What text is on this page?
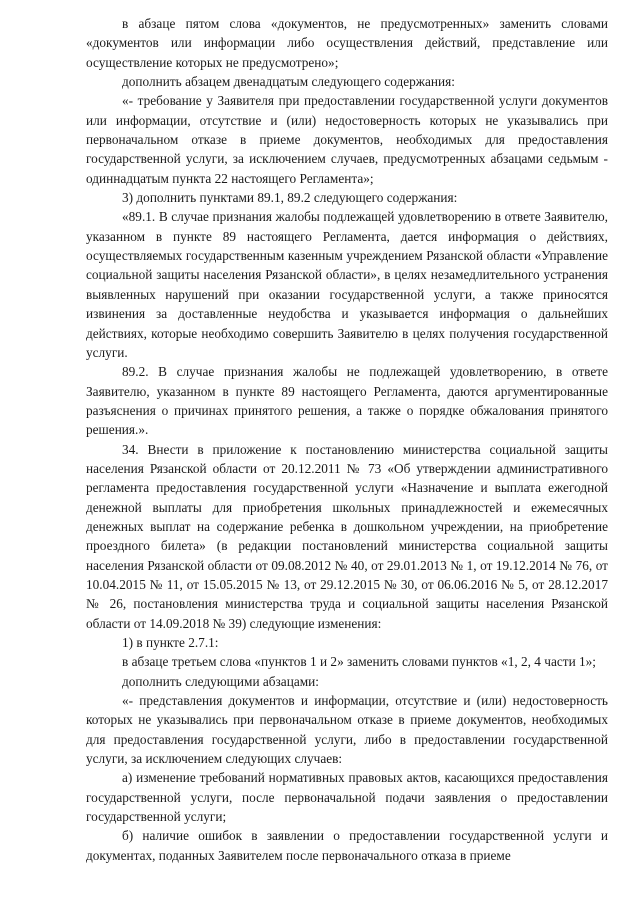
в абзаце пятом слова «документов, не предусмотренных» заменить словами «документов или информации либо осуществления действий, представление или осуществление которых не предусмотрено»;

дополнить абзацем двенадцатым следующего содержания:

«- требование у Заявителя при предоставлении государственной услуги документов или информации, отсутствие и (или) недостоверность которых не указывались при первоначальном отказе в приеме документов, необходимых для предоставления государственной услуги, за исключением случаев, предусмотренных абзацами седьмым - одиннадцатым пункта 22 настоящего Регламента»;

3) дополнить пунктами 89.1, 89.2 следующего содержания:

«89.1. В случае признания жалобы подлежащей удовлетворению в ответе Заявителю, указанном в пункте 89 настоящего Регламента, дается информация о действиях, осуществляемых государственным казенным учреждением Рязанской области «Управление социальной защиты населения Рязанской области», в целях незамедлительного устранения выявленных нарушений при оказании государственной услуги, а также приносятся извинения за доставленные неудобства и указывается информация о дальнейших действиях, которые необходимо совершить Заявителю в целях получения государственной услуги.

89.2. В случае признания жалобы не подлежащей удовлетворению, в ответе Заявителю, указанном в пункте 89 настоящего Регламента, даются аргументированные разъяснения о причинах принятого решения, а также о порядке обжалования принятого решения.».

34. Внести в приложение к постановлению министерства социальной защиты населения Рязанской области от 20.12.2011 № 73 «Об утверждении административного регламента предоставления государственной услуги «Назначение и выплата ежегодной денежной выплаты для приобретения школьных принадлежностей и ежемесячных денежных выплат на содержание ребенка в дошкольном учреждении, на приобретение проездного билета» (в редакции постановлений министерства социальной защиты населения Рязанской области от 09.08.2012 № 40, от 29.01.2013 № 1, от 19.12.2014 № 76, от 10.04.2015 № 11, от 15.05.2015 № 13, от 29.12.2015 № 30, от 06.06.2016 № 5, от 28.12.2017 № 26, постановления министерства труда и социальной защиты населения Рязанской области от 14.09.2018 № 39) следующие изменения:

1) в пункте 2.7.1:

в абзаце третьем слова «пунктов 1 и 2» заменить словами пунктов «1, 2, 4 части 1»;

дополнить следующими абзацами:

«- представления документов и информации, отсутствие и (или) недостоверность которых не указывались при первоначальном отказе в приеме документов, необходимых для предоставления государственной услуги, либо в предоставлении государственной услуги, за исключением следующих случаев:

а) изменение требований нормативных правовых актов, касающихся предоставления государственной услуги, после первоначальной подачи заявления о предоставлении государственной услуги;

б) наличие ошибок в заявлении о предоставлении государственной услуги и документах, поданных Заявителем после первоначального отказа в приеме
